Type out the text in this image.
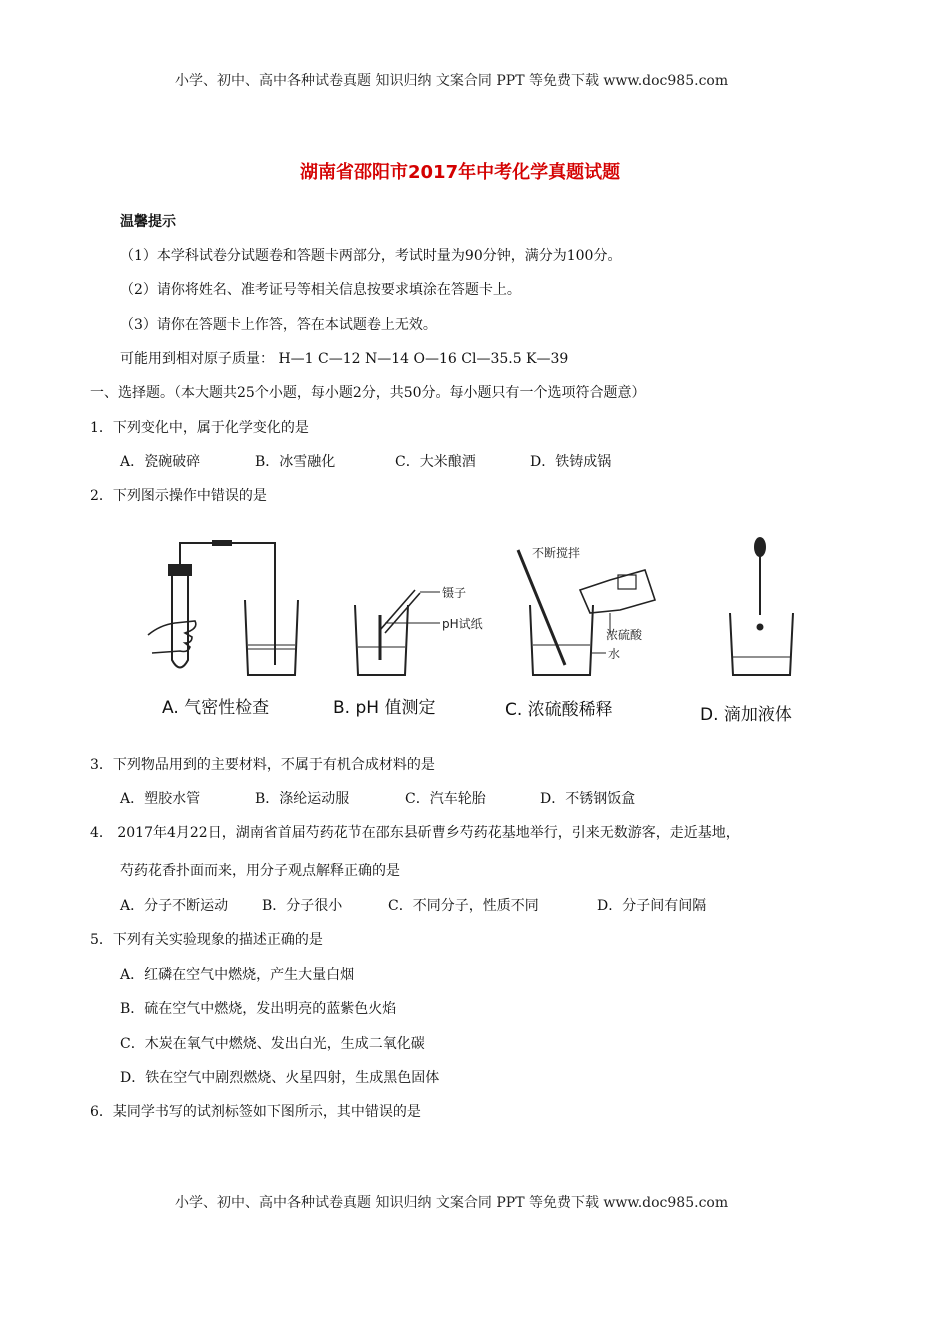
小学、初中、高中各种试卷真题 知识归纳 文案合同 PPT 等免费下载 www.doc985.com
湖南省邵阳市2017年中考化学真题试题
温馨提示
（1）本学科试卷分试题卷和答题卡两部分，考试时量为90分钟，满分为100分。
（2）请你将姓名、准考证号等相关信息按要求填涂在答题卡上。
（3）请你在答题卡上作答，答在本试题卷上无效。
可能用到相对原子质量： H—1 C—12 N—14 O—16 Cl—35.5 K—39
一、选择题。（本大题共25个小题，每小题2分，共50分。每小题只有一个选项符合题意）
1．下列变化中，属于化学变化的是
A．瓷碗破碎	B．冰雪融化	C．大米酿酒	D．铁铸成锅
2．下列图示操作中错误的是
镊子
pH试纸
不断搅拌
浓硫酸
水
A. 气密性检查	B. pH 值测定	C. 浓硫酸稀释	D. 滴加液体
3．下列物品用到的主要材料，不属于有机合成材料的是
A．塑胶水管	B．涤纶运动服	C．汽车轮胎	D．不锈钢饭盒
4． 2017年4月22日，湖南省首届芍药花节在邵东县斫曹乡芍药花基地举行，引来无数游客，走近基地，
芍药花香扑面而来，用分子观点解释正确的是
A．分子不断运动 B．分子很小	C．不同分子，性质不同	D．分子间有间隔
5．下列有关实验现象的描述正确的是
A．红磷在空气中燃烧，产生大量白烟
B．硫在空气中燃烧，发出明亮的蓝紫色火焰
C．木炭在氧气中燃烧、发出白光，生成二氧化碳
D．铁在空气中剧烈燃烧、火星四射，生成黑色固体
6．某同学书写的试剂标签如下图所示，其中错误的是
小学、初中、高中各种试卷真题 知识归纳 文案合同 PPT 等免费下载 www.doc985.com
